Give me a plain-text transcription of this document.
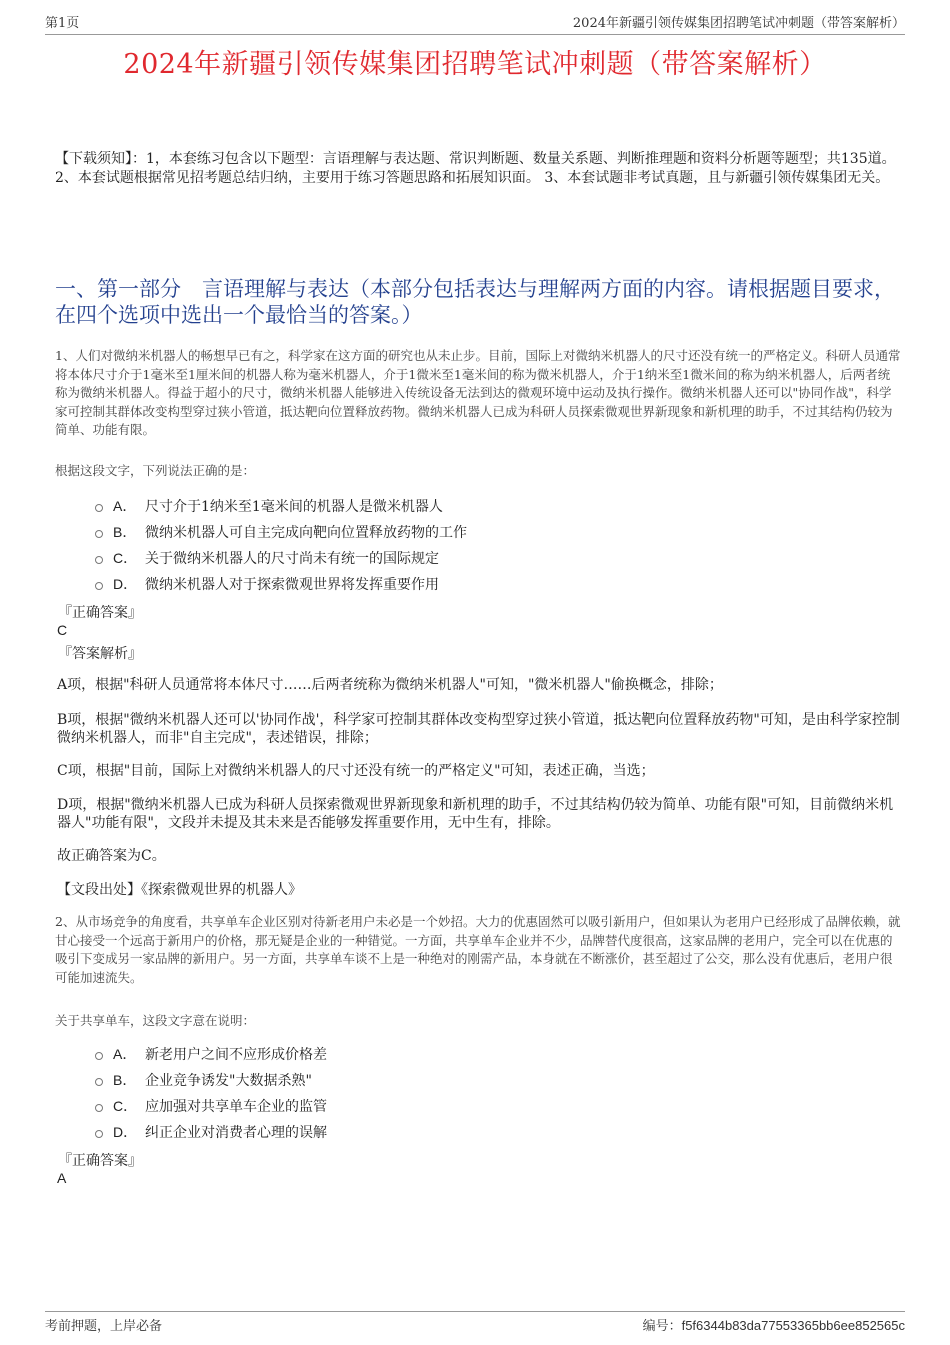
第1页	2024年新疆引领传媒集团招聘笔试冲刺题（带答案解析）
2024年新疆引领传媒集团招聘笔试冲刺题（带答案解析）
【下载须知】：1，本套练习包含以下题型：言语理解与表达题、常识判断题、数量关系题、判断推理题和资料分析题等题型；共135道。 2、本套试题根据常见招考题总结归纳，主要用于练习答题思路和拓展知识面。 3、本套试题非考试真题，且与新疆引领传媒集团无关。
一、第一部分　言语理解与表达（本部分包括表达与理解两方面的内容。请根据题目要求，在四个选项中选出一个最恰当的答案。）
1、人们对微纳米机器人的畅想早已有之，科学家在这方面的研究也从未止步。目前，国际上对微纳米机器人的尺寸还没有统一的严格定义。科研人员通常将本体尺寸介于1毫米至1厘米间的机器人称为毫米机器人，介于1微米至1毫米间的称为微米机器人，介于1纳米至1微米间的称为纳米机器人，后两者统称为微纳米机器人。得益于超小的尺寸，微纳米机器人能够进入传统设备无法到达的微观环境中运动及执行操作。微纳米机器人还可以"协同作战"，科学家可控制其群体改变构型穿过狭小管道，抵达靶向位置释放药物。微纳米机器人已成为科研人员探索微观世界新现象和新机理的助手，不过其结构仍较为简单、功能有限。
根据这段文字，下列说法正确的是：
A． 尺寸介于1纳米至1毫米间的机器人是微米机器人
B． 微纳米机器人可自主完成向靶向位置释放药物的工作
C． 关于微纳米机器人的尺寸尚未有统一的国际规定
D． 微纳米机器人对于探索微观世界将发挥重要作用
『正确答案』
C
『答案解析』
A项，根据"科研人员通常将本体尺寸……后两者统称为微纳米机器人"可知，"微米机器人"偷换概念，排除；
B项，根据"微纳米机器人还可以'协同作战'，科学家可控制其群体改变构型穿过狭小管道，抵达靶向位置释放药物"可知，是由科学家控制微纳米机器人，而非"自主完成"，表述错误，排除；
C项，根据"目前，国际上对微纳米机器人的尺寸还没有统一的严格定义"可知，表述正确，当选；
D项，根据"微纳米机器人已成为科研人员探索微观世界新现象和新机理的助手，不过其结构仍较为简单、功能有限"可知，目前微纳米机器人"功能有限"，文段并未提及其未来是否能够发挥重要作用，无中生有，排除。
故正确答案为C。
【文段出处】《探索微观世界的机器人》
2、从市场竞争的角度看，共享单车企业区别对待新老用户未必是一个妙招。大力的优惠固然可以吸引新用户，但如果认为老用户已经形成了品牌依赖，就甘心接受一个远高于新用户的价格，那无疑是企业的一种错觉。一方面，共享单车企业并不少，品牌替代度很高，这家品牌的老用户，完全可以在优惠的吸引下变成另一家品牌的新用户。另一方面，共享单车谈不上是一种绝对的刚需产品，本身就在不断涨价，甚至超过了公交，那么没有优惠后，老用户很可能加速流失。
关于共享单车，这段文字意在说明：
A． 新老用户之间不应形成价格差
B． 企业竞争诱发"大数据杀熟"
C． 应加强对共享单车企业的监管
D． 纠正企业对消费者心理的误解
『正确答案』
A
考前押题，上岸必备	编号：f5f6344b83da77553365bb6ee852565c
